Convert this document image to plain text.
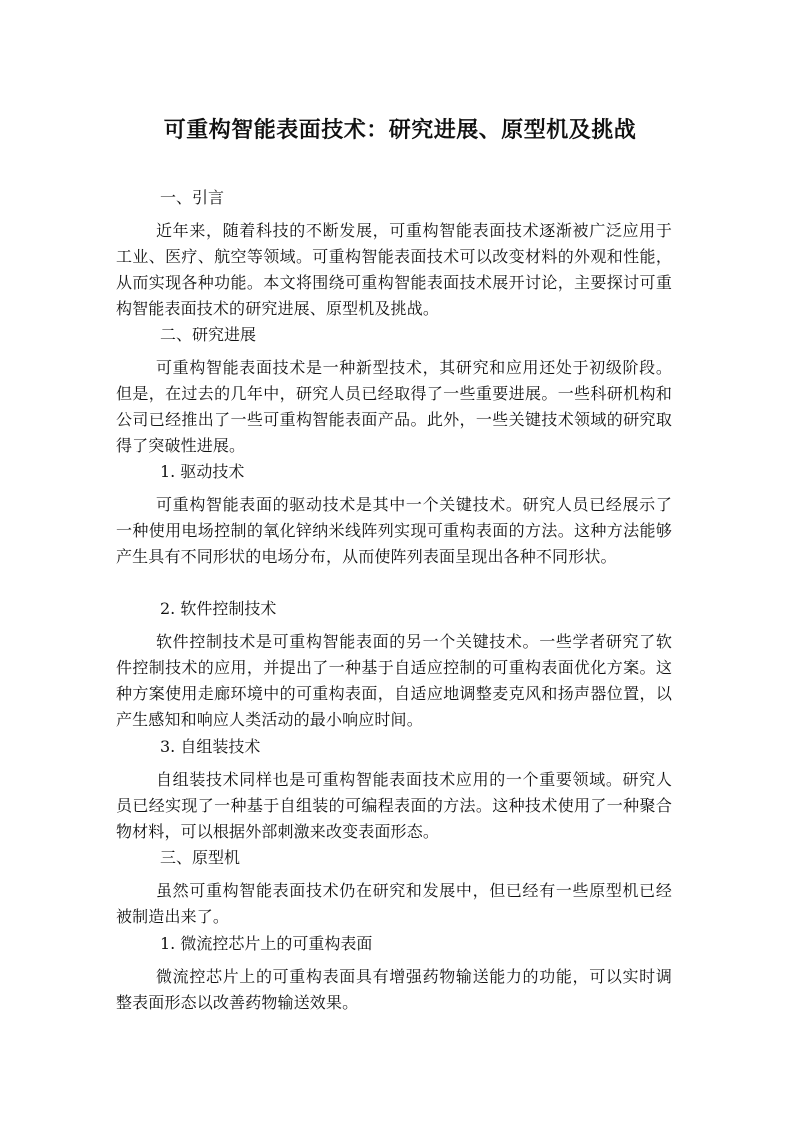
可重构智能表面技术：研究进展、原型机及挑战

一、引言

近年来，随着科技的不断发展，可重构智能表面技术逐渐被广泛应用于工业、医疗、航空等领域。可重构智能表面技术可以改变材料的外观和性能，从而实现各种功能。本文将围绕可重构智能表面技术展开讨论，主要探讨可重构智能表面技术的研究进展、原型机及挑战。

二、研究进展

可重构智能表面技术是一种新型技术，其研究和应用还处于初级阶段。但是，在过去的几年中，研究人员已经取得了一些重要进展。一些科研机构和公司已经推出了一些可重构智能表面产品。此外，一些关键技术领域的研究取得了突破性进展。

1. 驱动技术

可重构智能表面的驱动技术是其中一个关键技术。研究人员已经展示了一种使用电场控制的氧化锌纳米线阵列实现可重构表面的方法。这种方法能够产生具有不同形状的电场分布，从而使阵列表面呈现出各种不同形状。

2. 软件控制技术

软件控制技术是可重构智能表面的另一个关键技术。一些学者研究了软件控制技术的应用，并提出了一种基于自适应控制的可重构表面优化方案。这种方案使用走廊环境中的可重构表面，自适应地调整麦克风和扬声器位置，以产生感知和响应人类活动的最小响应时间。

3. 自组装技术

自组装技术同样也是可重构智能表面技术应用的一个重要领域。研究人员已经实现了一种基于自组装的可编程表面的方法。这种技术使用了一种聚合物材料，可以根据外部刺激来改变表面形态。

三、原型机

虽然可重构智能表面技术仍在研究和发展中，但已经有一些原型机已经被制造出来了。

1. 微流控芯片上的可重构表面

微流控芯片上的可重构表面具有增强药物输送能力的功能，可以实时调整表面形态以改善药物输送效果。
